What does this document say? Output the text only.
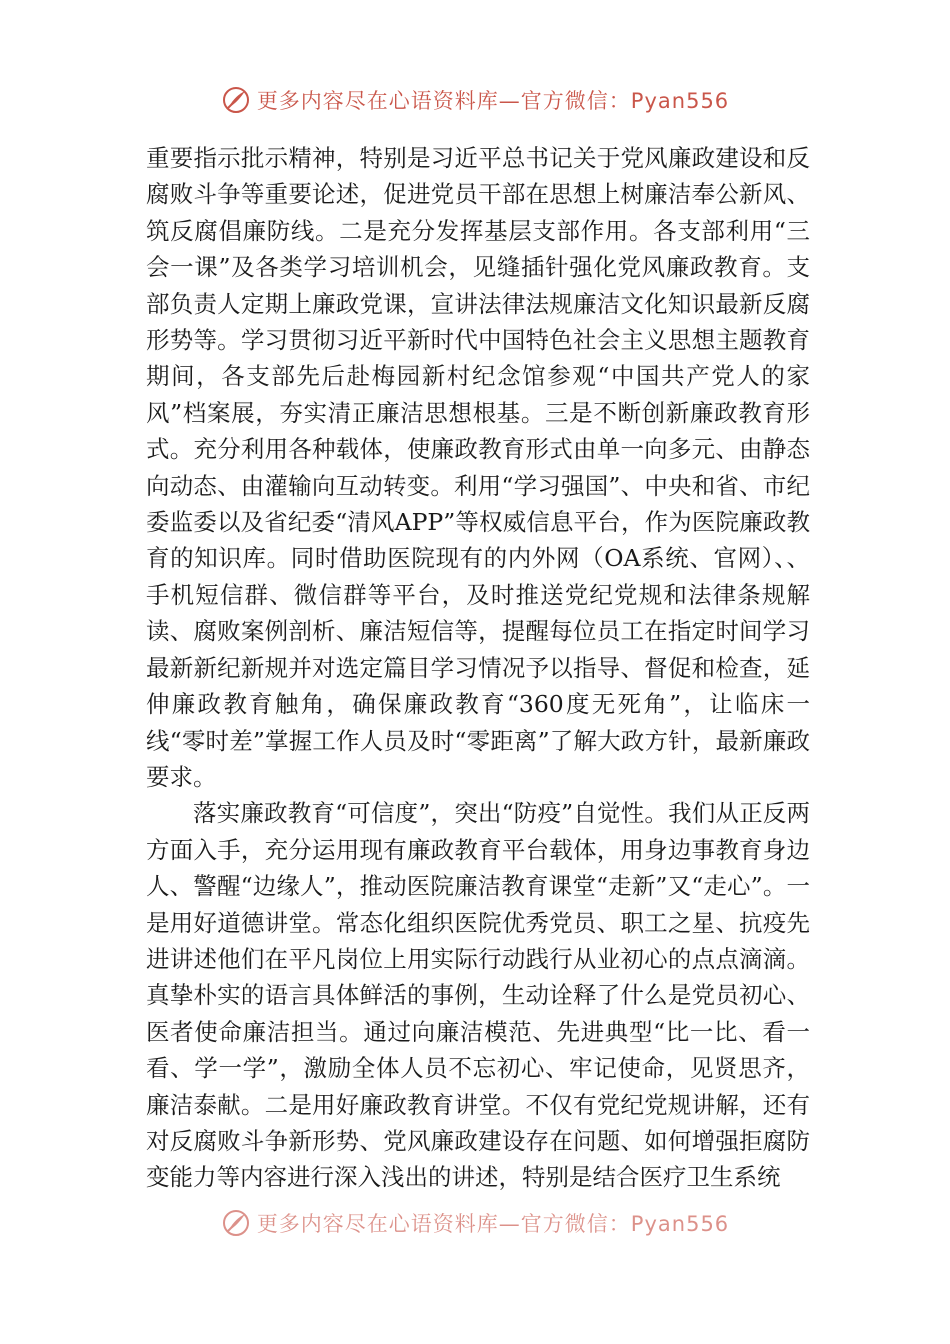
更多内容尽在心语资料库—官方微信：Pyan556

重要指示批示精神，特别是习近平总书记关于党风廉政建设和反腐败斗争等重要论述，促进党员干部在思想上树廉洁奉公新风、筑反腐倡廉防线。二是充分发挥基层支部作用。各支部利用“三会一课”及各类学习培训机会，见缝插针强化党风廉政教育。支部负责人定期上廉政党课，宣讲法律法规廉洁文化知识最新反腐形势等。学习贯彻习近平新时代中国特色社会主义思想主题教育期间，各支部先后赴梅园新村纪念馆参观“中国共产党人的家风”档案展，夯实清正廉洁思想根基。三是不断创新廉政教育形式。充分利用各种载体，使廉政教育形式由单一向多元、由静态向动态、由灌输向互动转变。利用“学习强国”、中央和省、市纪委监委以及省纪委“清风APP”等权威信息平台，作为医院廉政教育的知识库。同时借助医院现有的内外网（OA系统、官网）、、手机短信群、微信群等平台，及时推送党纪党规和法律条规解读、腐败案例剖析、廉洁短信等，提醒每位员工在指定时间学习最新新纪新规并对选定篇目学习情况予以指导、督促和检查，延伸廉政教育触角，确保廉政教育“360度无死角”，让临床一线“零时差”掌握工作人员及时“零距离”了解大政方针，最新廉政要求。

落实廉政教育“可信度”，突出“防疫”自觉性。我们从正反两方面入手，充分运用现有廉政教育平台载体，用身边事教育身边人、警醒“边缘人”，推动医院廉洁教育课堂“走新”又“走心”。一是用好道德讲堂。常态化组织医院优秀党员、职工之星、抗疫先进讲述他们在平凡岗位上用实际行动践行从业初心的点点滴滴。真挚朴实的语言具体鲜活的事例，生动诠释了什么是党员初心、医者使命廉洁担当。通过向廉洁模范、先进典型“比一比、看一看、学一学”，激励全体人员不忘初心、牢记使命，见贤思齐，廉洁泰献。二是用好廉政教育讲堂。不仅有党纪党规讲解，还有对反腐败斗争新形势、党风廉政建设存在问题、如何增强拒腐防变能力等内容进行深入浅出的讲述，特别是结合医疗卫生系统

更多内容尽在心语资料库—官方微信：Pyan556
